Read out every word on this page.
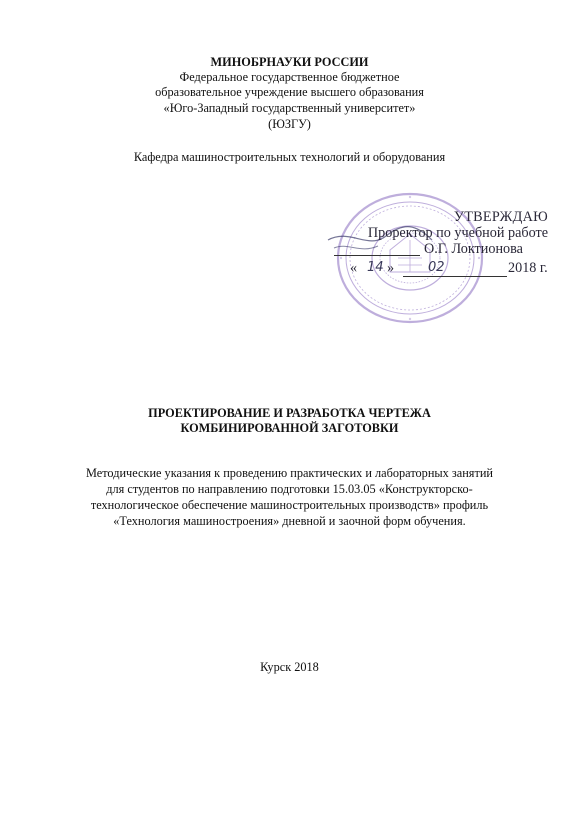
МИНОБРНАУКИ РОССИИ
Федеральное государственное бюджетное
образовательное учреждение высшего образования
«Юго-Западный государственный университет»
(ЮЗГУ)
Кафедра машиностроительных технологий и оборудования
УТВЕРЖДАЮ
Проректор по учебной работе
О.Г. Локтионова
« 14 »	02	2018 г.
ПРОЕКТИРОВАНИЕ И РАЗРАБОТКА ЧЕРТЕЖА
КОМБИНИРОВАННОЙ ЗАГОТОВКИ
Методические указания к проведению практических и лабораторных занятий
для студентов по направлению подготовки 15.03.05 «Конструкторско-
технологическое обеспечение машиностроительных производств» профиль
«Технология машиностроения» дневной и заочной форм обучения.
Курск 2018
